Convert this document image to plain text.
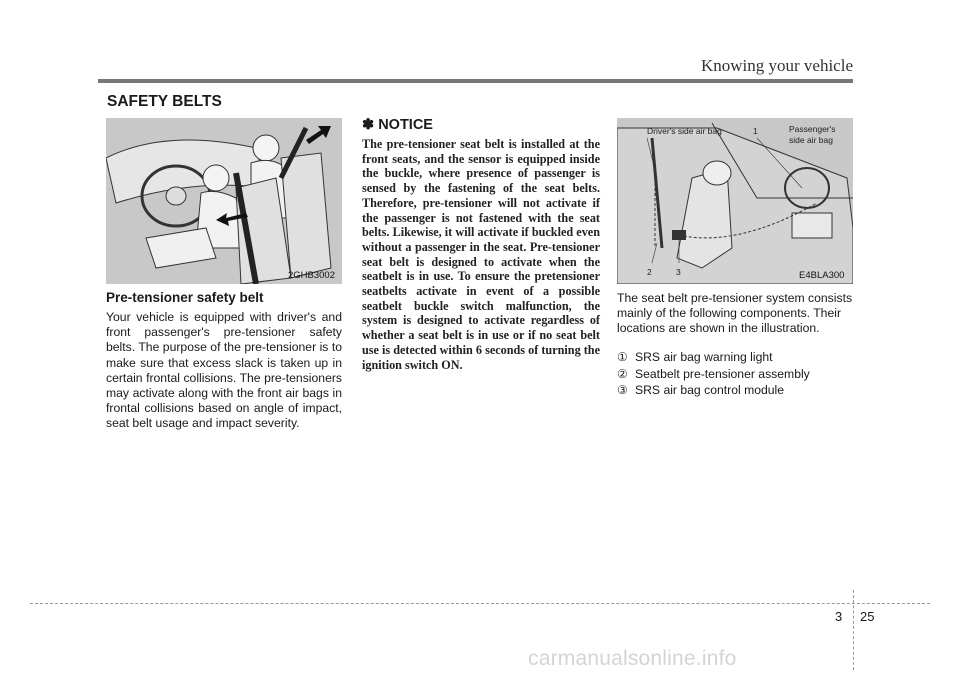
Knowing your vehicle
SAFETY BELTS
2GHB3002
Pre-tensioner safety belt

Your vehicle is equipped with driver's and front passenger's pre-tensioner safety belts. The purpose of the pre-tensioner is to make sure that excess slack is taken up in certain frontal collisions. The pre-tensioners may activate along with the front air bags in frontal collisions based on angle of impact, seat belt usage and impact severity.

✽ NOTICE

The pre-tensioner seat belt is installed at the front seats, and the sensor is equipped inside the buckle, where presence of passenger is sensed by the fastening of the seat belts. Therefore, pre-tensioner will not activate if the passenger is not fastened with the seat belts. Likewise, it will activate if buckled even without a passenger in the seat. Pre-tensioner seat belt is designed to activate when the seatbelt is in use. To ensure the pretensioner seatbelts activate in event of a possible seatbelt buckle switch malfunction, the system is designed to activate regardless of whether a seat belt is in use or if no seat belt use is detected within 6 seconds of turning the ignition switch ON.

Driver's side air bag	1	Passenger's
side air bag
2	3	E4BLA300

The seat belt pre-tensioner system consists mainly of the following components. Their locations are shown in the illustration.

① SRS air bag warning light
② Seatbelt pre-tensioner assembly
③ SRS air bag control module
3 25
carmanualsonline.info
